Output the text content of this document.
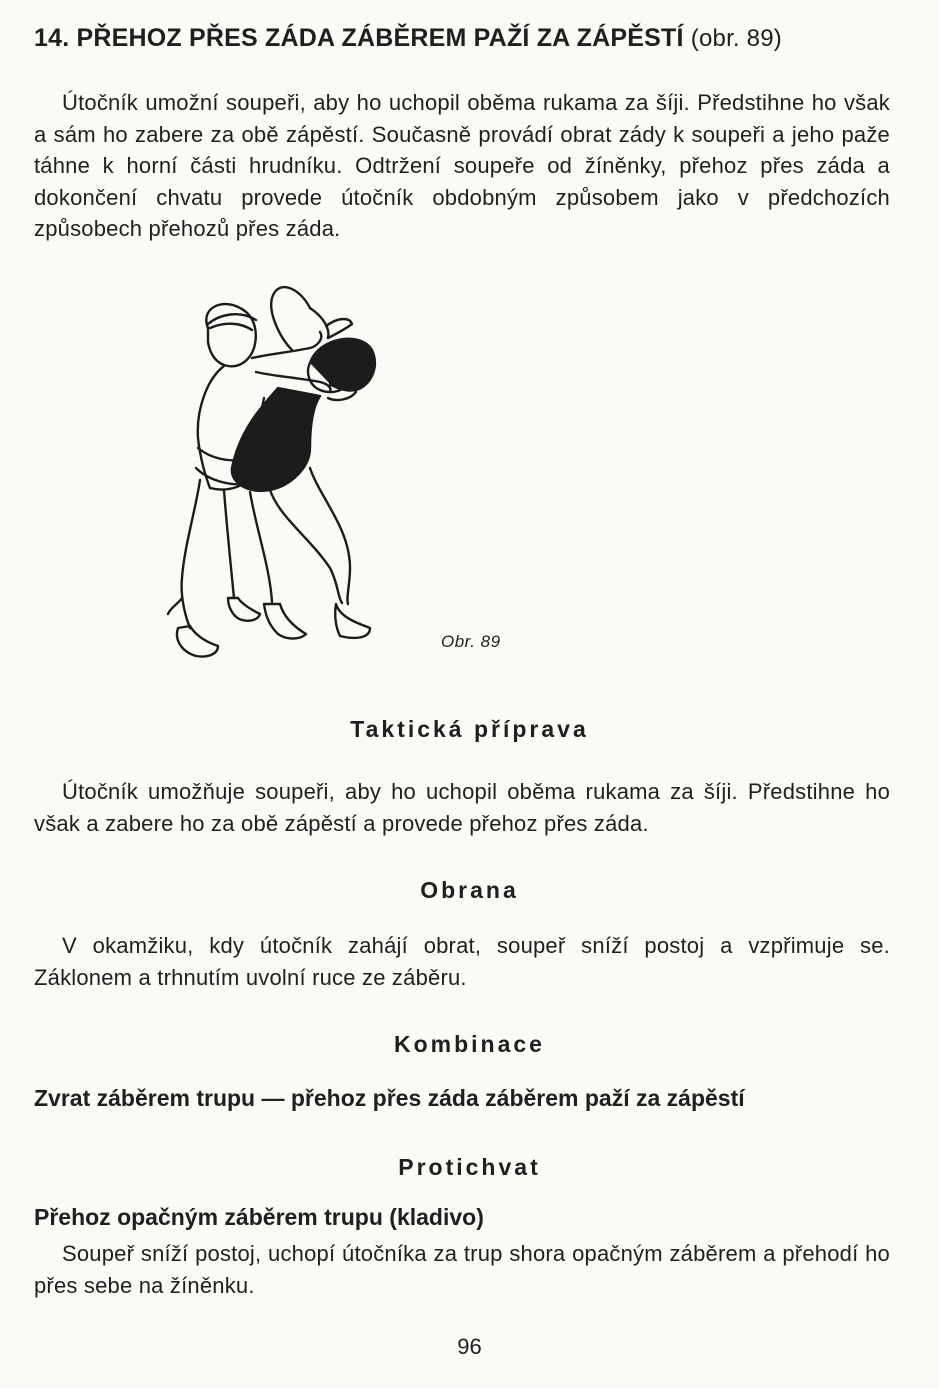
14. PŘEHOZ PŘES ZÁDA ZÁBĚREM PAŽÍ ZA ZÁPĚSTÍ (obr. 89)
Útočník umožní soupeři, aby ho uchopil oběma rukama za šíji. Předstihne ho však a sám ho zabere za obě zápěstí. Současně provádí obrat zády k soupeři a jeho paže táhne k horní části hrudníku. Odtržení soupeře od žíněnky, přehoz přes záda a dokončení chvatu provede útočník obdobným způsobem jako v předchozích způsobech přehozů přes záda.
Obr. 89
Taktická příprava
Útočník umožňuje soupeři, aby ho uchopil oběma rukama za šíji. Předstihne ho však a zabere ho za obě zápěstí a provede přehoz přes záda.
Obrana
V okamžiku, kdy útočník zahájí obrat, soupeř sníží postoj a vzpřimuje se. Záklonem a trhnutím uvolní ruce ze záběru.
Kombinace
Zvrat záběrem trupu — přehoz přes záda záběrem paží za zápěstí
Protichvat
Přehoz opačným záběrem trupu (kladivo)
Soupeř sníží postoj, uchopí útočníka za trup shora opačným záběrem a přehodí ho přes sebe na žíněnku.
96
